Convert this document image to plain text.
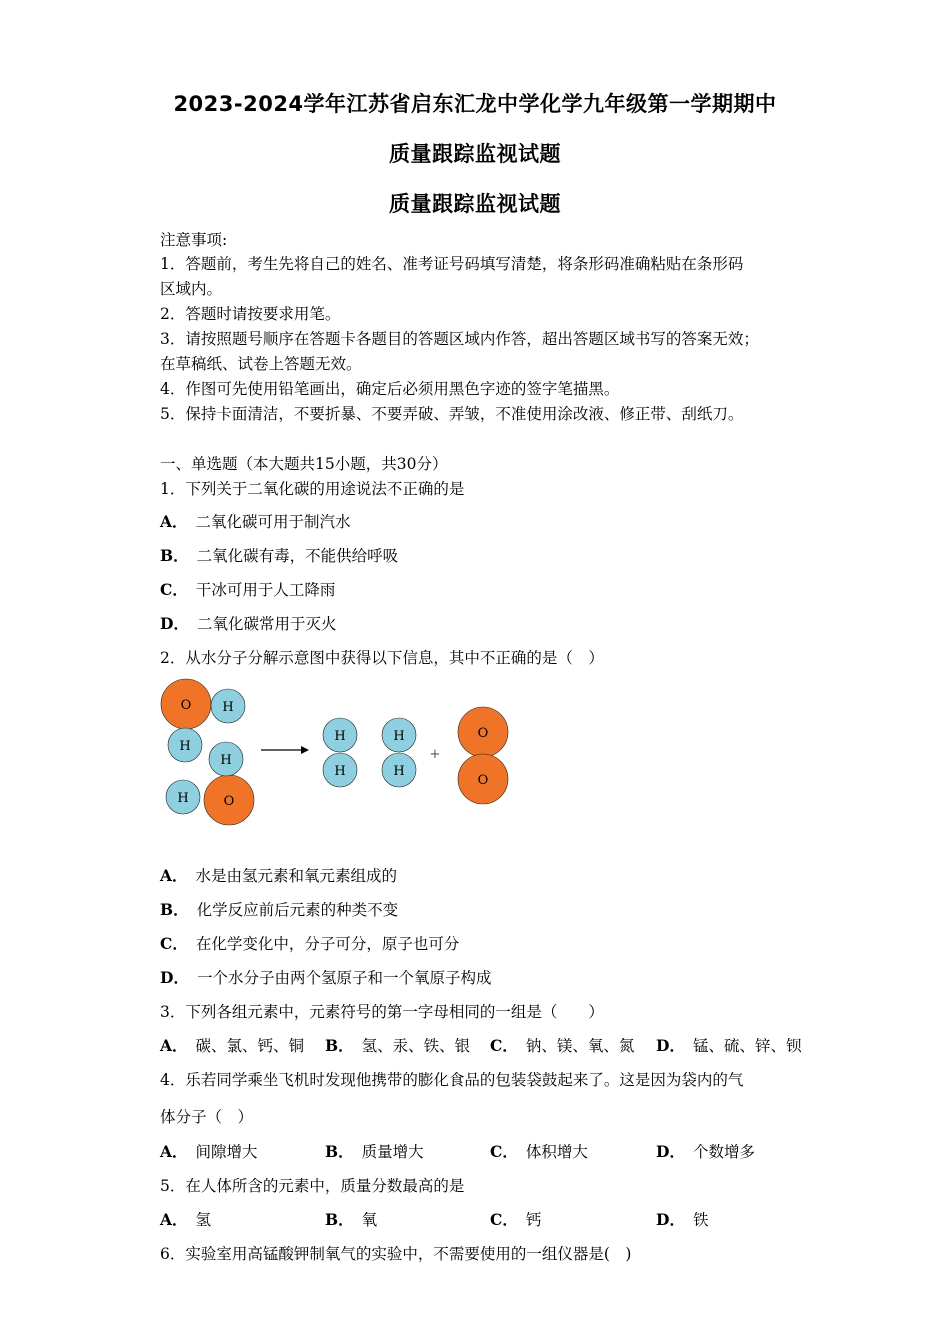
2023-2024学年江苏省启东汇龙中学化学九年级第一学期期中
质量跟踪监视试题
质量跟踪监视试题
注意事项:
1．答题前，考生先将自己的姓名、准考证号码填写清楚，将条形码准确粘贴在条形码
区域内。
2．答题时请按要求用笔。
3．请按照题号顺序在答题卡各题目的答题区域内作答，超出答题区域书写的答案无效；
在草稿纸、试卷上答题无效。
4．作图可先使用铅笔画出，确定后必须用黑色字迹的签字笔描黑。
5．保持卡面清洁，不要折暴、不要弄破、弄皱，不准使用涂改液、修正带、刮纸刀。
一、单选题（本大题共15小题，共30分）
1．下列关于二氧化碳的用途说法不正确的是
A． 二氧化碳可用于制汽水
B． 二氧化碳有毒，不能供给呼吸
C． 干冰可用于人工降雨
D． 二氧化碳常用于灭火
2．从水分子分解示意图中获得以下信息，其中不正确的是（　）
O H
H
O
H
H
H
H
H
H
+
O
O
A． 水是由氢元素和氧元素组成的
B． 化学反应前后元素的种类不变
C． 在化学变化中，分子可分，原子也可分
D． 一个水分子由两个氢原子和一个氧原子构成
3．下列各组元素中，元素符号的第一字母相同的一组是（　　）
A． 碳、氯、钙、铜 B． 氢、汞、铁、银 C． 钠、镁、氧、氮 D． 锰、硫、锌、钡
4．乐若同学乘坐飞机时发现他携带的膨化食品的包装袋鼓起来了。这是因为袋内的气
体分子（　）
A． 间隙增大	B． 质量增大	C． 体积增大	D． 个数增多
5．在人体所含的元素中，质量分数最高的是
A． 氢	B． 氧	C． 钙	D． 铁
6．实验室用高锰酸钾制氧气的实验中，不需要使用的一组仪器是(　)
